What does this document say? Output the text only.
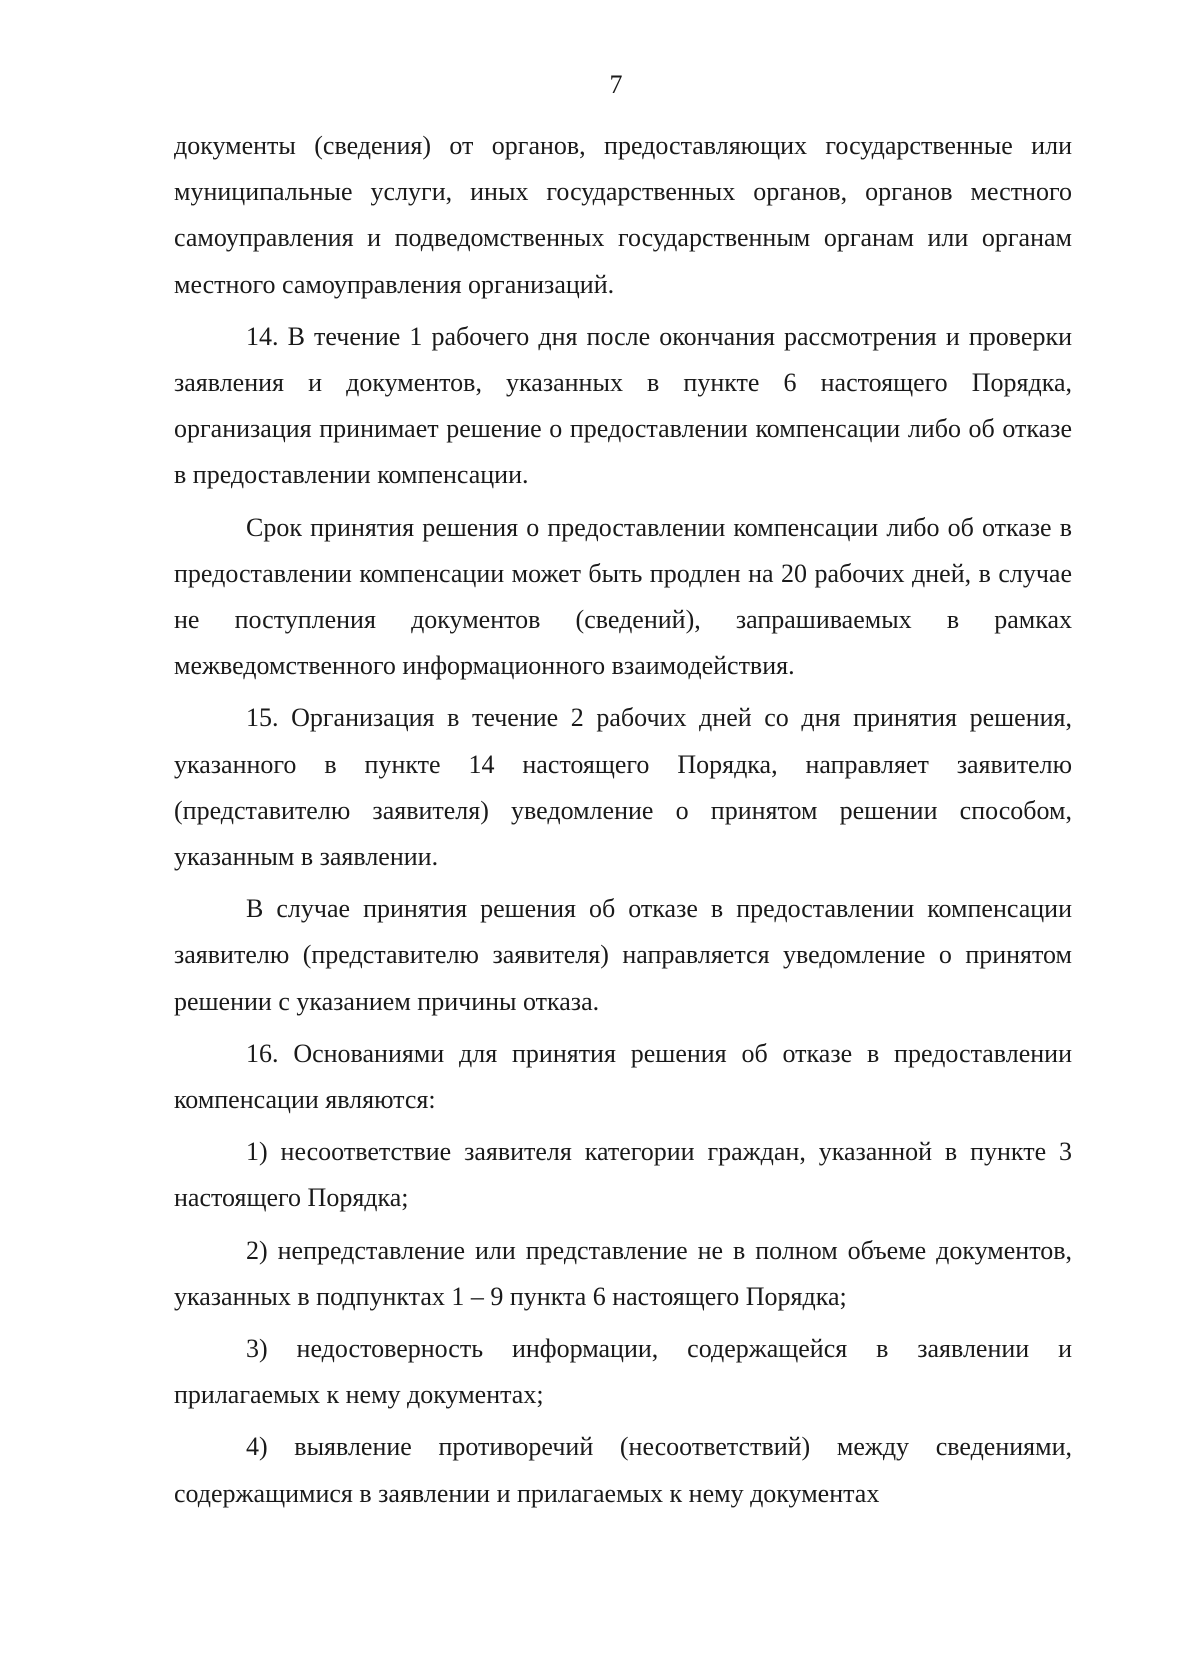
7

документы (сведения) от органов, предоставляющих государственные или муниципальные услуги, иных государственных органов, органов местного самоуправления и подведомственных государственным органам или органам местного самоуправления организаций.

14. В течение 1 рабочего дня после окончания рассмотрения и проверки заявления и документов, указанных в пункте 6 настоящего Порядка, организация принимает решение о предоставлении компенсации либо об отказе в предоставлении компенсации.

Срок принятия решения о предоставлении компенсации либо об отказе в предоставлении компенсации может быть продлен на 20 рабочих дней, в случае не поступления документов (сведений), запрашиваемых в рамках межведомственного информационного взаимодействия.

15. Организация в течение 2 рабочих дней со дня принятия решения, указанного в пункте 14 настоящего Порядка, направляет заявителю (представителю заявителя) уведомление о принятом решении способом, указанным в заявлении.

В случае принятия решения об отказе в предоставлении компенсации заявителю (представителю заявителя) направляется уведомление о принятом решении с указанием причины отказа.

16. Основаниями для принятия решения об отказе в предоставлении компенсации являются:

1) несоответствие заявителя категории граждан, указанной в пункте 3 настоящего Порядка;

2) непредставление или представление не в полном объеме документов, указанных в подпунктах 1 – 9 пункта 6 настоящего Порядка;

3) недостоверность информации, содержащейся в заявлении и прилагаемых к нему документах;

4) выявление противоречий (несоответствий) между сведениями, содержащимися в заявлении и прилагаемых к нему документах
